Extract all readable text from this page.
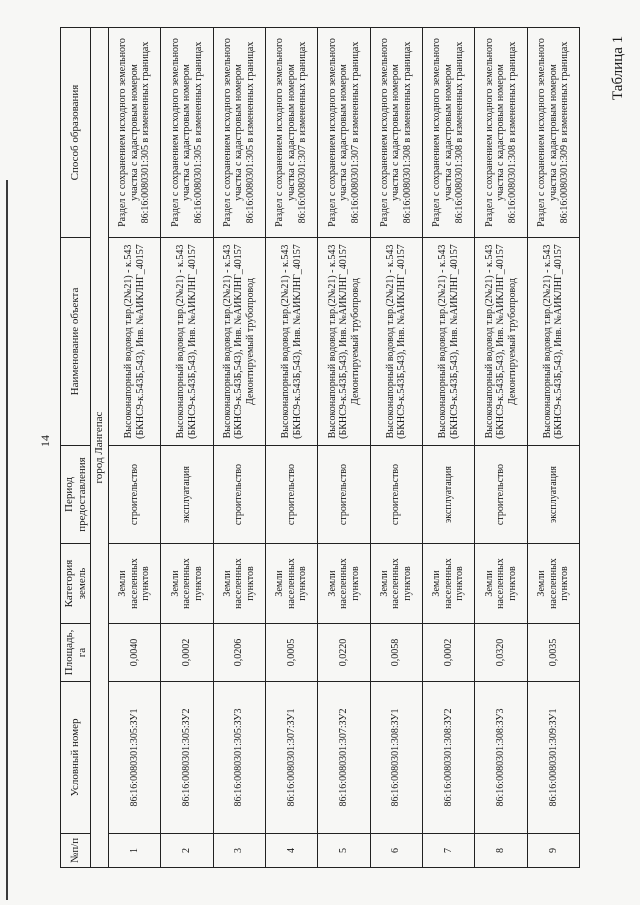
14
Таблица 1
№п/п	Условный номер	Площадь, га	Категория земель	Период предоставления	Наименование объекта	Способ образования
город Лангепас						
1	86:16:0080301:305:ЗУ1	0,0040	Земли населенных пунктов	строительство	Высоконапорный водовод т.вр.(2№21) - к.543 (БКНС9-к.543Б,543), Инв. №АИКЛНГ_40157	Раздел с сохранением исходного земельного участка с кадастровым номером 86:16:0080301:305 в измененных границах
2	86:16:0080301:305:ЗУ2	0,0002	Земли населенных пунктов	эксплуатация	Высоконапорный водовод т.вр.(2№21) - к.543 (БКНС9-к.543Б,543), Инв. №АИКЛНГ_40157	Раздел с сохранением исходного земельного участка с кадастровым номером 86:16:0080301:305 в измененных границах
3	86:16:0080301:305:ЗУ3	0,0206	Земли населенных пунктов	строительство	Высоконапорный водовод т.вр.(2№21) - к.543 (БКНС9-к.543Б,543), Инв. №АИКЛНГ_40157 Демонтируемый трубопровод	Раздел с сохранением исходного земельного участка с кадастровым номером 86:16:0080301:305 в измененных границах
4	86:16:0080301:307:ЗУ1	0,0005	Земли населенных пунктов	строительство	Высоконапорный водовод т.вр.(2№21) - к.543 (БКНС9-к.543Б,543), Инв. №АИКЛНГ_40157	Раздел с сохранением исходного земельного участка с кадастровым номером 86:16:0080301:307 в измененных границах
5	86:16:0080301:307:ЗУ2	0,0220	Земли населенных пунктов	строительство	Высоконапорный водовод т.вр.(2№21) - к.543 (БКНС9-к.543Б,543), Инв. №АИКЛНГ_40157 Демонтируемый трубопровод	Раздел с сохранением исходного земельного участка с кадастровым номером 86:16:0080301:307 в измененных границах
6	86:16:0080301:308:ЗУ1	0,0058	Земли населенных пунктов	строительство	Высоконапорный водовод т.вр.(2№21) - к.543 (БКНС9-к.543Б,543), Инв. №АИКЛНГ_40157	Раздел с сохранением исходного земельного участка с кадастровым номером 86:16:0080301:308 в измененных границах
7	86:16:0080301:308:ЗУ2	0,0002	Земли населенных пунктов	эксплуатация	Высоконапорный водовод т.вр.(2№21) - к.543 (БКНС9-к.543Б,543), Инв. №АИКЛНГ_40157	Раздел с сохранением исходного земельного участка с кадастровым номером 86:16:0080301:308 в измененных границах
8	86:16:0080301:308:ЗУ3	0,0320	Земли населенных пунктов	строительство	Высоконапорный водовод т.вр.(2№21) - к.543 (БКНС9-к.543Б,543), Инв. №АИКЛНГ_40157 Демонтируемый трубопровод	Раздел с сохранением исходного земельного участка с кадастровым номером 86:16:0080301:308 в измененных границах
9	86:16:0080301:309:ЗУ1	0,0035	Земли населенных пунктов	эксплуатация	Высоконапорный водовод т.вр.(2№21) - к.543 (БКНС9-к.543Б,543), Инв. №АИКЛНГ_40157	Раздел с сохранением исходного земельного участка с кадастровым номером 86:16:0080301:309 в измененных границах
